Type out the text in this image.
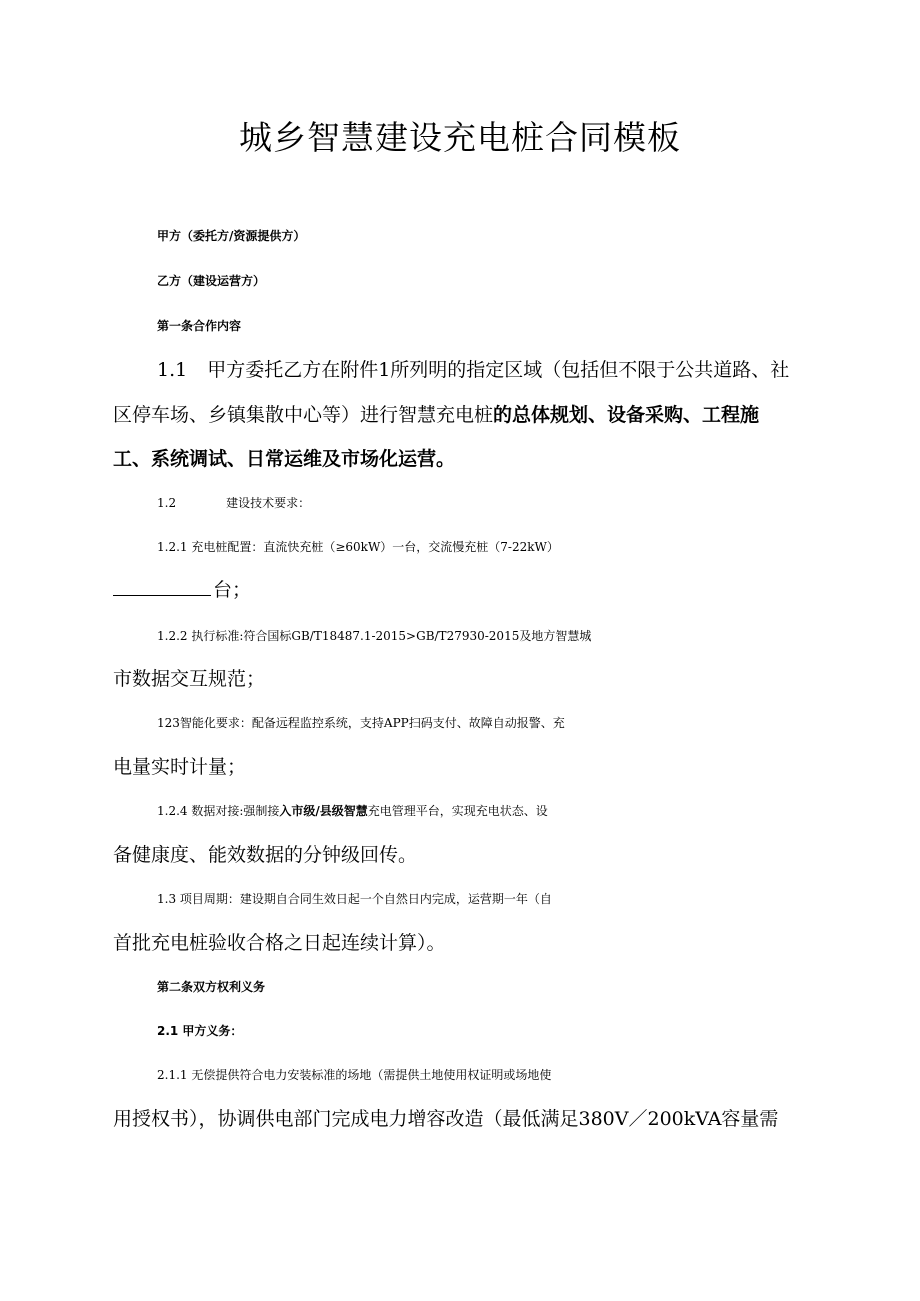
城乡智慧建设充电桩合同模板

甲方（委托方/资源提供方）

乙方（建设运营方）

第一条合作内容

1.1 甲方委托乙方在附件1所列明的指定区域（包括但不限于公共道路、社

区停车场、乡镇集散中心等）进行智慧充电桩的总体规划、设备采购、工程施

工、系统调试、日常运维及市场化运营。

1.2	建设技术要求：

1.2.1 充电桩配置：直流快充桩（≥60kW）一台，交流慢充桩（7-22kW）

台；

1.2.2 执行标准:符合国标GB/T18487.1-2015>GB/T27930-2015及地方智慧城

市数据交互规范；

123智能化要求：配备远程监控系统，支持APP扫码支付、故障自动报警、充

电量实时计量；

1.2.4 数据对接:强制接入市级/县级智慧充电管理平台，实现充电状态、设

备健康度、能效数据的分钟级回传。

1.3 项目周期：建设期自合同生效日起一个自然日内完成，运营期一年（自

首批充电桩验收合格之日起连续计算）。

第二条双方权利义务

2.1 甲方义务：

2.1.1 无偿提供符合电力安装标准的场地（需提供土地使用权证明或场地使

用授权书），协调供电部门完成电力增容改造（最低满足380V／200kVA容量需
